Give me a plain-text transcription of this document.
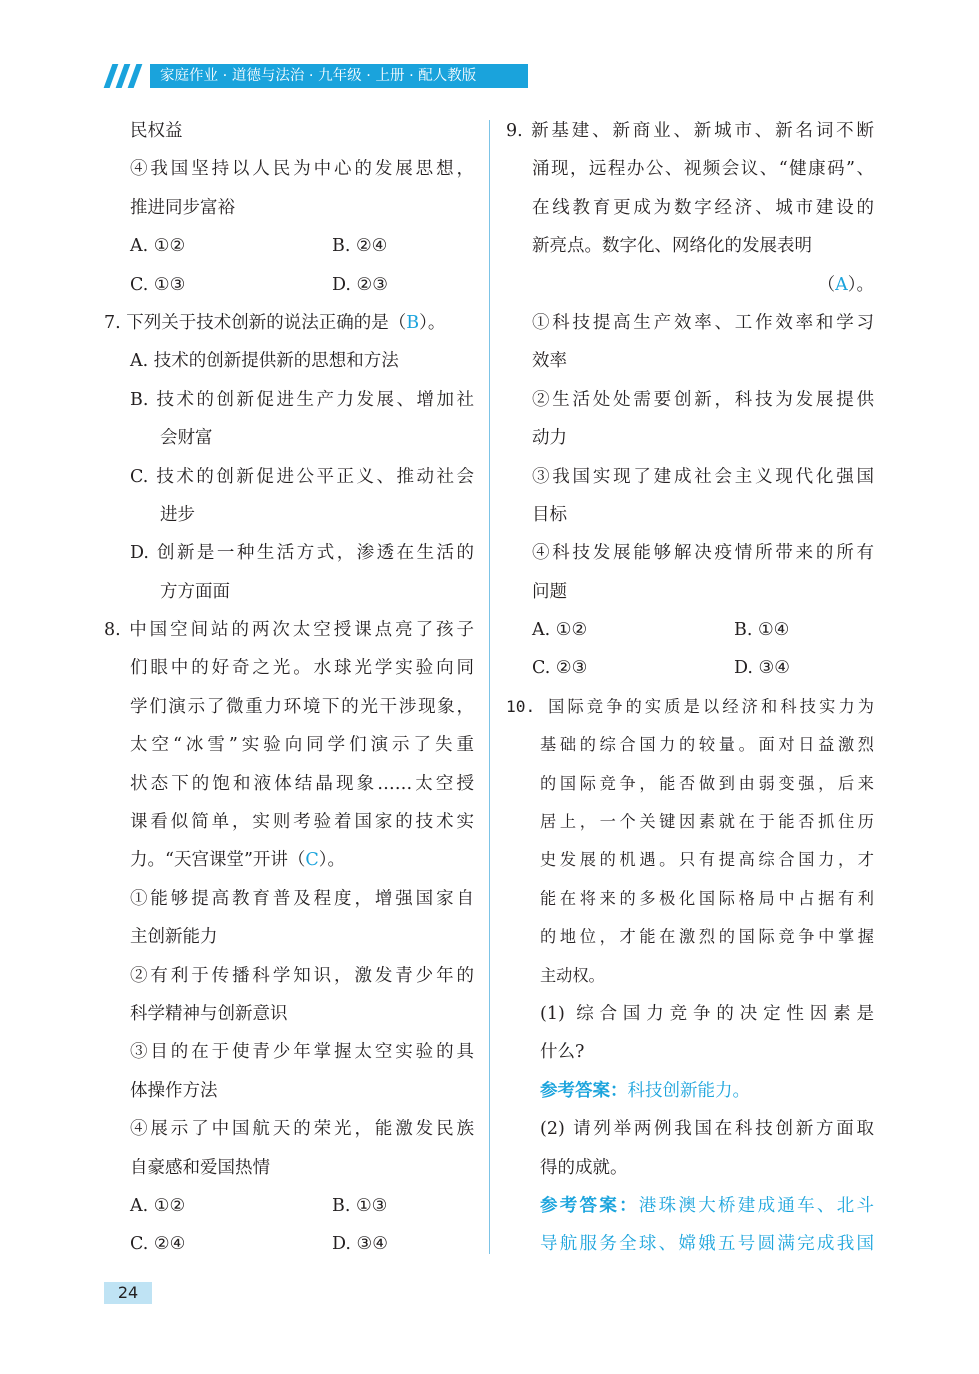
家庭作业 · 道德与法治 · 九年级 · 上册 · 配人教版
民权益
④我国坚持以人民为中心的发展思想，
推进同步富裕
A. ①②	B. ②④
C. ①③	D. ②③
7. 下列关于技术创新的说法正确的是（B）。
A. 技术的创新提供新的思想和方法
B. 技术的创新促进生产力发展、增加社
会财富
C. 技术的创新促进公平正义、推动社会
进步
D. 创新是一种生活方式，渗透在生活的
方方面面
8. 中国空间站的两次太空授课点亮了孩子
们眼中的好奇之光。水球光学实验向同
学们演示了微重力环境下的光干涉现象，
太空“冰雪”实验向同学们演示了失重
状态下的饱和液体结晶现象……太空授
课看似简单，实则考验着国家的技术实
力。“天宫课堂”开讲（C）。
①能够提高教育普及程度，增强国家自
主创新能力
②有利于传播科学知识，激发青少年的
科学精神与创新意识
③目的在于使青少年掌握太空实验的具
体操作方法
④展示了中国航天的荣光，能激发民族
自豪感和爱国热情
A. ①②	B. ①③
C. ②④	D. ③④
9. 新基建、新商业、新城市、新名词不断
涌现，远程办公、视频会议、“健康码”、
在线教育更成为数字经济、城市建设的
新亮点。数字化、网络化的发展表明
（A）。
①科技提高生产效率、工作效率和学习
效率
②生活处处需要创新，科技为发展提供
动力
③我国实现了建成社会主义现代化强国
目标
④科技发展能够解决疫情所带来的所有
问题
A. ①②	B. ①④
C. ②③	D. ③④
10. 国际竞争的实质是以经济和科技实力为
基础的综合国力的较量。面对日益激烈
的国际竞争，能否做到由弱变强，后来
居上，一个关键因素就在于能否抓住历
史发展的机遇。只有提高综合国力，才
能在将来的多极化国际格局中占据有利
的地位，才能在激烈的国际竞争中掌握
主动权。
(1) 综合国力竞争的决定性因素是
什么?
参考答案：科技创新能力。
(2) 请列举两例我国在科技创新方面取
得的成就。
参考答案：港珠澳大桥建成通车、北斗
导航服务全球、嫦娥五号圆满完成我国
24
